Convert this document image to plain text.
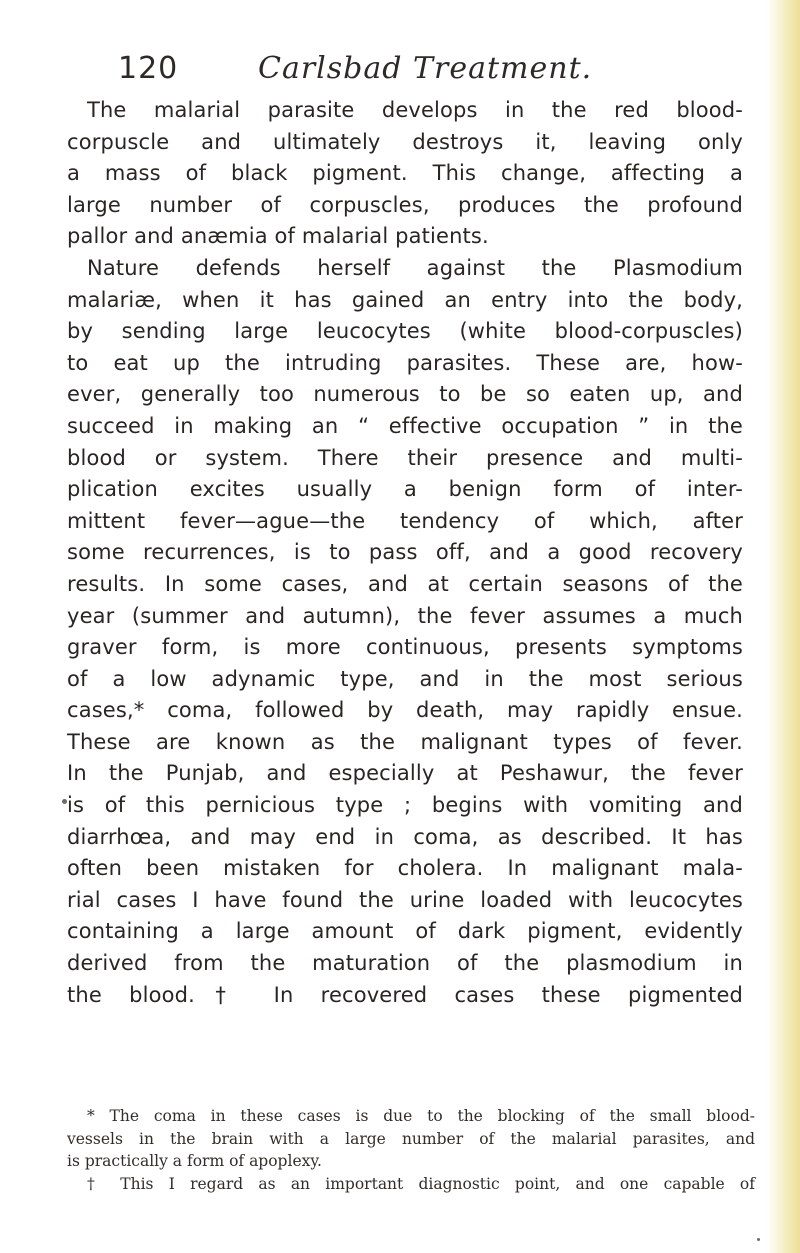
120	Carlsbad Treatment.
The malarial parasite develops in the red blood-
corpuscle and ultimately destroys it, leaving only
a mass of black pigment. This change, affecting a
large number of corpuscles, produces the profound
pallor and anæmia of malarial patients.
Nature defends herself against the Plasmodium
malariæ, when it has gained an entry into the body,
by sending large leucocytes (white blood-corpuscles)
to eat up the intruding parasites. These are, how-
ever, generally too numerous to be so eaten up, and
succeed in making an “ effective occupation ” in the
blood or system. There their presence and multi-
plication excites usually a benign form of inter-
mittent fever—ague—the tendency of which, after
some recurrences, is to pass off, and a good recovery
results. In some cases, and at certain seasons of the
year (summer and autumn), the fever assumes a much
graver form, is more continuous, presents symptoms
of a low adynamic type, and in the most serious
cases,* coma, followed by death, may rapidly ensue.
These are known as the malignant types of fever.
In the Punjab, and especially at Peshawur, the fever
is of this pernicious type ; begins with vomiting and
diarrhœa, and may end in coma, as described. It has
often been mistaken for cholera. In malignant mala-
rial cases I have found the urine loaded with leucocytes
containing a large amount of dark pigment, evidently
derived from the maturation of the plasmodium in
the blood.† In recovered cases these pigmented
* The coma in these cases is due to the blocking of the small blood-
vessels in the brain with a large number of the malarial parasites, and
is practically a form of apoplexy.
† This I regard as an important diagnostic point, and one capable of
